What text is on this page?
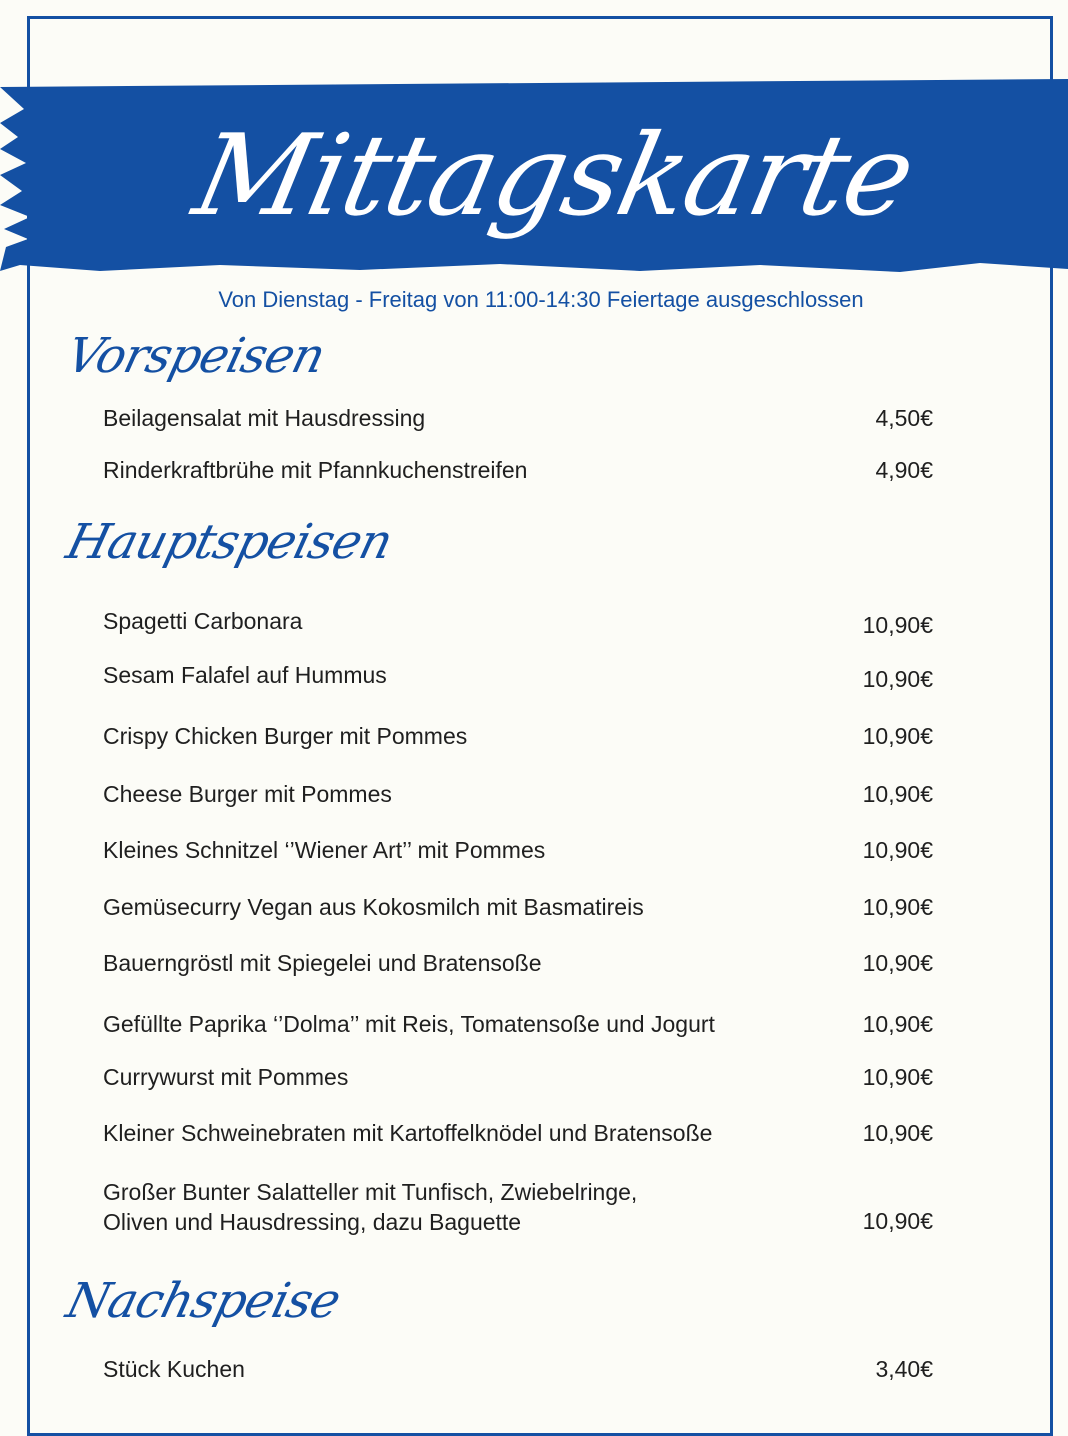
Mittagskarte
Von Dienstag - Freitag von 11:00-14:30 Feiertage ausgeschlossen
Vorspeisen
Beilagensalat mit Hausdressing	4,50€
Rinderkraftbrühe mit Pfannkuchenstreifen	4,90€
Hauptspeisen
Spagetti Carbonara	10,90€
Sesam Falafel auf Hummus	10,90€
Crispy Chicken Burger mit Pommes	10,90€
Cheese Burger mit Pommes	10,90€
Kleines Schnitzel ‘’Wiener Art’’ mit Pommes	10,90€
Gemüsecurry Vegan aus Kokosmilch mit Basmatireis	10,90€
Bauerngröstl mit Spiegelei und Bratensoße	10,90€
Gefüllte Paprika ‘’Dolma’’ mit Reis, Tomatensoße und Jogurt	10,90€
Currywurst mit Pommes	10,90€
Kleiner Schweinebraten mit Kartoffelknödel und Bratensoße	10,90€
Großer Bunter Salatteller mit Tunfisch, Zwiebelringe,
Oliven und Hausdressing, dazu Baguette	10,90€
Nachspeise
Stück Kuchen	3,40€
